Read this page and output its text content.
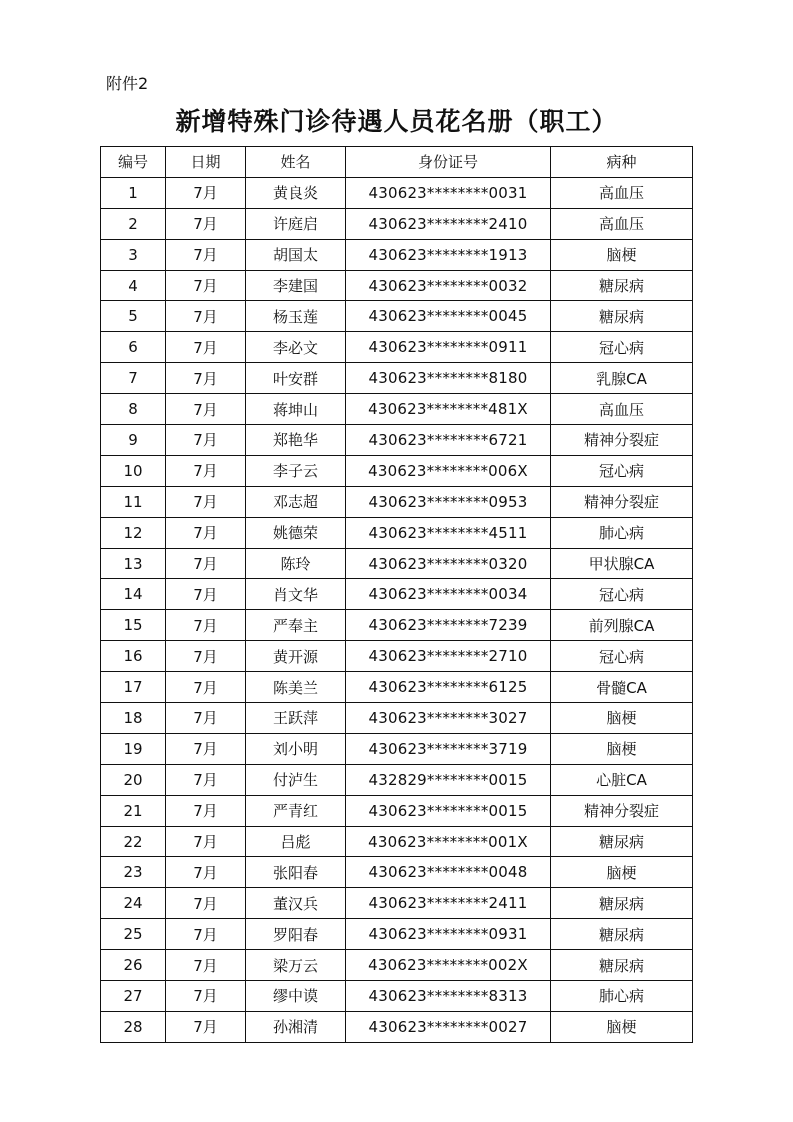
附件2
新增特殊门诊待遇人员花名册（职工）
编号	日期	姓名	身份证号	病种
1	7月	黄良炎	430623********0031	高血压
2	7月	许庭启	430623********2410	高血压
3	7月	胡国太	430623********1913	脑梗
4	7月	李建国	430623********0032	糖尿病
5	7月	杨玉莲	430623********0045	糖尿病
6	7月	李必文	430623********0911	冠心病
7	7月	叶安群	430623********8180	乳腺CA
8	7月	蒋坤山	430623********481X	高血压
9	7月	郑艳华	430623********6721	精神分裂症
10	7月	李子云	430623********006X	冠心病
11	7月	邓志超	430623********0953	精神分裂症
12	7月	姚德荣	430623********4511	肺心病
13	7月	陈玲	430623********0320	甲状腺CA
14	7月	肖文华	430623********0034	冠心病
15	7月	严奉主	430623********7239	前列腺CA
16	7月	黄开源	430623********2710	冠心病
17	7月	陈美兰	430623********6125	骨髓CA
18	7月	王跃萍	430623********3027	脑梗
19	7月	刘小明	430623********3719	脑梗
20	7月	付泸生	432829********0015	心脏CA
21	7月	严青红	430623********0015	精神分裂症
22	7月	吕彪	430623********001X	糖尿病
23	7月	张阳春	430623********0048	脑梗
24	7月	董汉兵	430623********2411	糖尿病
25	7月	罗阳春	430623********0931	糖尿病
26	7月	梁万云	430623********002X	糖尿病
27	7月	缪中谟	430623********8313	肺心病
28	7月	孙湘清	430623********0027	脑梗
